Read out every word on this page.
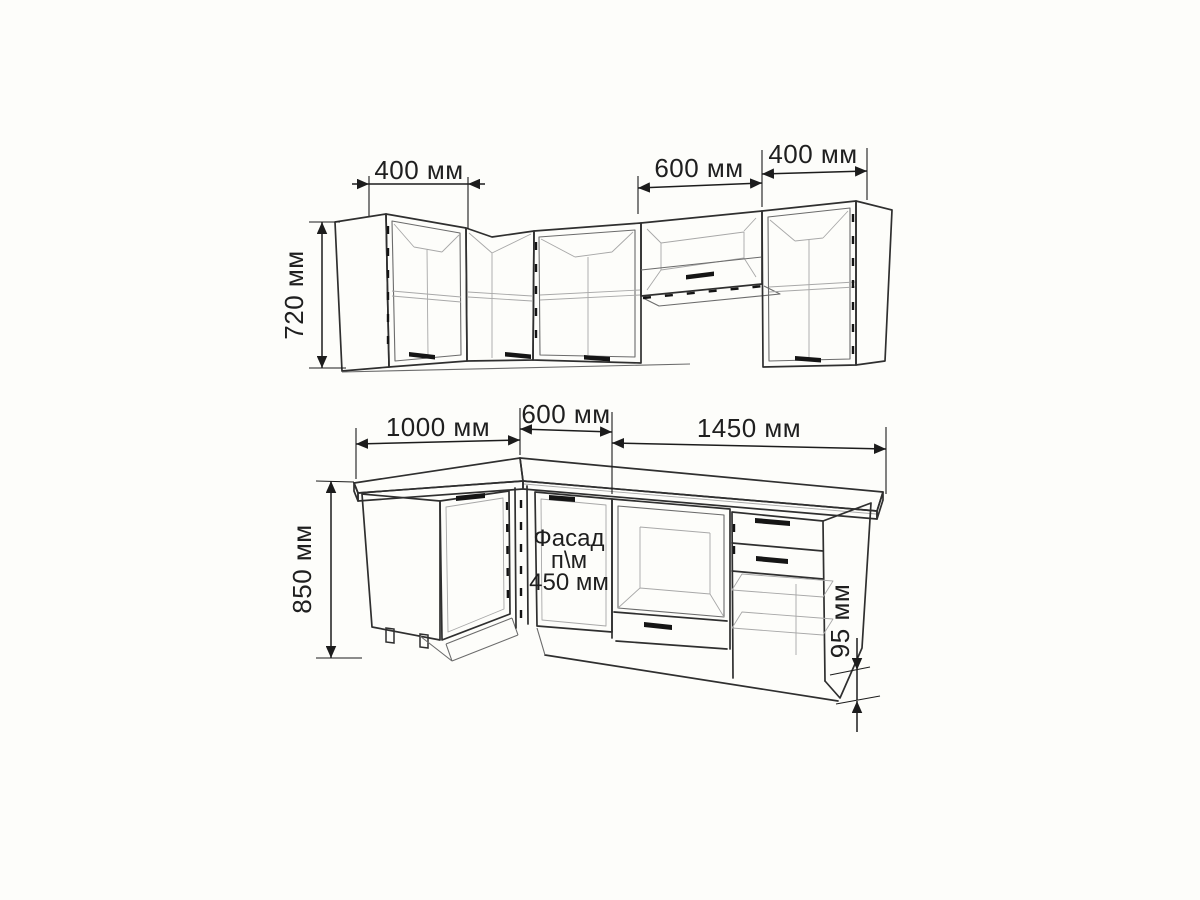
Фасад
п\м
450 мм
400 мм	600 мм 400 мм
720 мм
1000 мм 600 мм	1450 мм
850 мм
95 мм
